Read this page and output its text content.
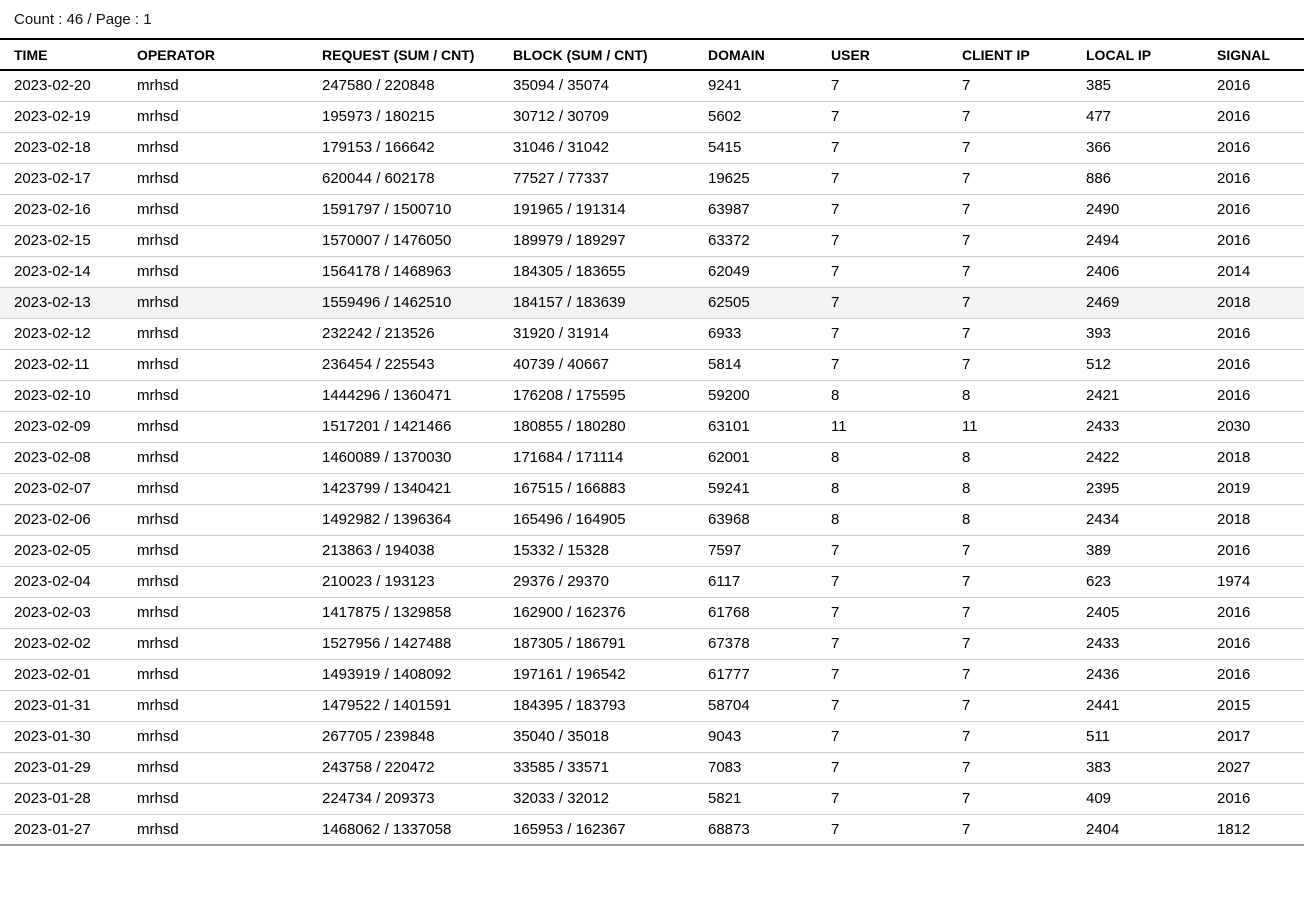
Count : 46 / Page : 1
TIME	OPERATOR	REQUEST (SUM / CNT)	BLOCK (SUM / CNT)	DOMAIN	USER	CLIENT IP	LOCAL IP	SIGNAL
2023-02-20	mrhsd	247580 / 220848	35094 / 35074	9241	7	7	385	2016
2023-02-19	mrhsd	195973 / 180215	30712 / 30709	5602	7	7	477	2016
2023-02-18	mrhsd	179153 / 166642	31046 / 31042	5415	7	7	366	2016
2023-02-17	mrhsd	620044 / 602178	77527 / 77337	19625	7	7	886	2016
2023-02-16	mrhsd	1591797 / 1500710	191965 / 191314	63987	7	7	2490	2016
2023-02-15	mrhsd	1570007 / 1476050	189979 / 189297	63372	7	7	2494	2016
2023-02-14	mrhsd	1564178 / 1468963	184305 / 183655	62049	7	7	2406	2014
2023-02-13	mrhsd	1559496 / 1462510	184157 / 183639	62505	7	7	2469	2018
2023-02-12	mrhsd	232242 / 213526	31920 / 31914	6933	7	7	393	2016
2023-02-11	mrhsd	236454 / 225543	40739 / 40667	5814	7	7	512	2016
2023-02-10	mrhsd	1444296 / 1360471	176208 / 175595	59200	8	8	2421	2016
2023-02-09	mrhsd	1517201 / 1421466	180855 / 180280	63101	11	11	2433	2030
2023-02-08	mrhsd	1460089 / 1370030	171684 / 171114	62001	8	8	2422	2018
2023-02-07	mrhsd	1423799 / 1340421	167515 / 166883	59241	8	8	2395	2019
2023-02-06	mrhsd	1492982 / 1396364	165496 / 164905	63968	8	8	2434	2018
2023-02-05	mrhsd	213863 / 194038	15332 / 15328	7597	7	7	389	2016
2023-02-04	mrhsd	210023 / 193123	29376 / 29370	6117	7	7	623	1974
2023-02-03	mrhsd	1417875 / 1329858	162900 / 162376	61768	7	7	2405	2016
2023-02-02	mrhsd	1527956 / 1427488	187305 / 186791	67378	7	7	2433	2016
2023-02-01	mrhsd	1493919 / 1408092	197161 / 196542	61777	7	7	2436	2016
2023-01-31	mrhsd	1479522 / 1401591	184395 / 183793	58704	7	7	2441	2015
2023-01-30	mrhsd	267705 / 239848	35040 / 35018	9043	7	7	511	2017
2023-01-29	mrhsd	243758 / 220472	33585 / 33571	7083	7	7	383	2027
2023-01-28	mrhsd	224734 / 209373	32033 / 32012	5821	7	7	409	2016
2023-01-27	mrhsd	1468062 / 1337058	165953 / 162367	68873	7	7	2404	1812
